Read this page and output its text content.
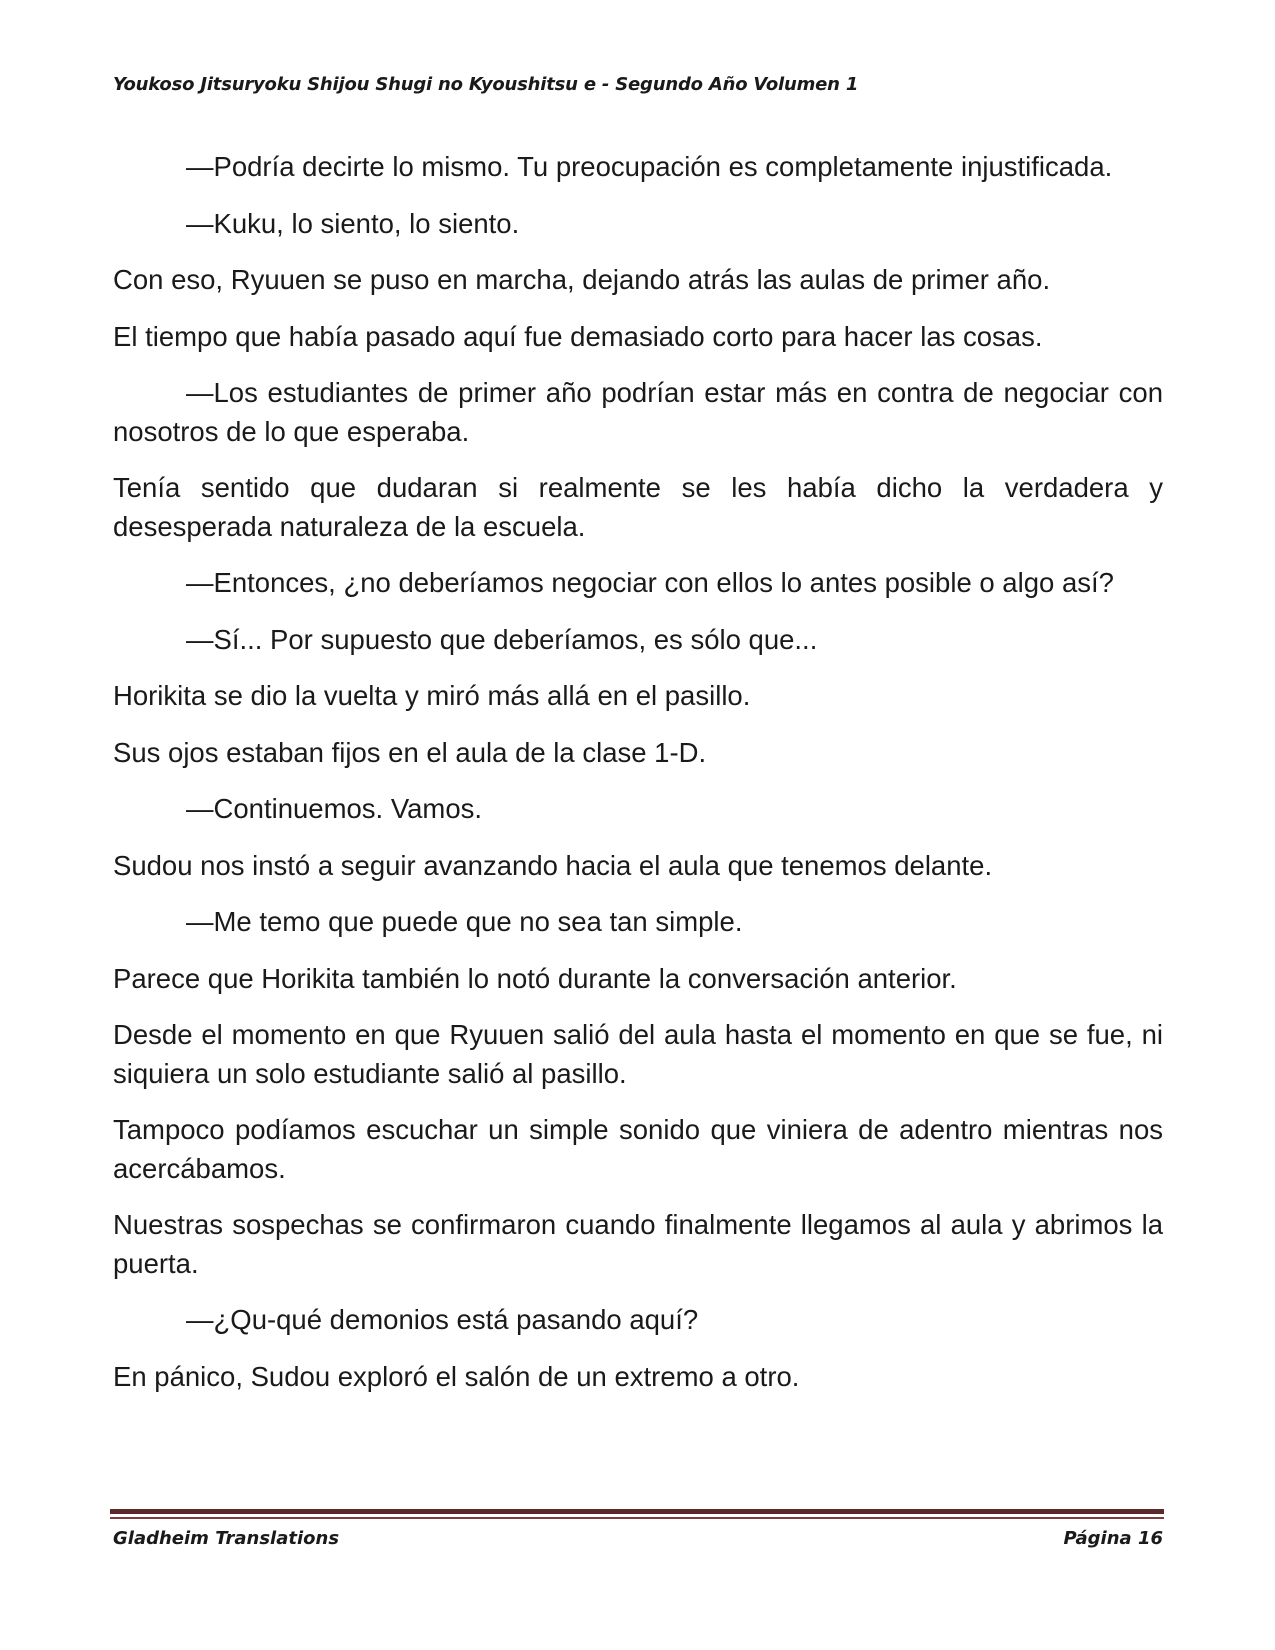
Youkoso Jitsuryoku Shijou Shugi no Kyoushitsu e - Segundo Año Volumen 1

—Podría decirte lo mismo. Tu preocupación es completamente injustificada.

—Kuku, lo siento, lo siento.

Con eso, Ryuuen se puso en marcha, dejando atrás las aulas de primer año.

El tiempo que había pasado aquí fue demasiado corto para hacer las cosas.

—Los estudiantes de primer año podrían estar más en contra de negociar con nosotros de lo que esperaba.

Tenía sentido que dudaran si realmente se les había dicho la verdadera y desesperada naturaleza de la escuela.

—Entonces, ¿no deberíamos negociar con ellos lo antes posible o algo así?

—Sí... Por supuesto que deberíamos, es sólo que...

Horikita se dio la vuelta y miró más allá en el pasillo.

Sus ojos estaban fijos en el aula de la clase 1-D.

—Continuemos. Vamos.

Sudou nos instó a seguir avanzando hacia el aula que tenemos delante.

—Me temo que puede que no sea tan simple.

Parece que Horikita también lo notó durante la conversación anterior.

Desde el momento en que Ryuuen salió del aula hasta el momento en que se fue, ni siquiera un solo estudiante salió al pasillo.

Tampoco podíamos escuchar un simple sonido que viniera de adentro mientras nos acercábamos.

Nuestras sospechas se confirmaron cuando finalmente llegamos al aula y abrimos la puerta.

—¿Qu-qué demonios está pasando aquí?

En pánico, Sudou exploró el salón de un extremo a otro.

Gladheim Translations	Página 16
